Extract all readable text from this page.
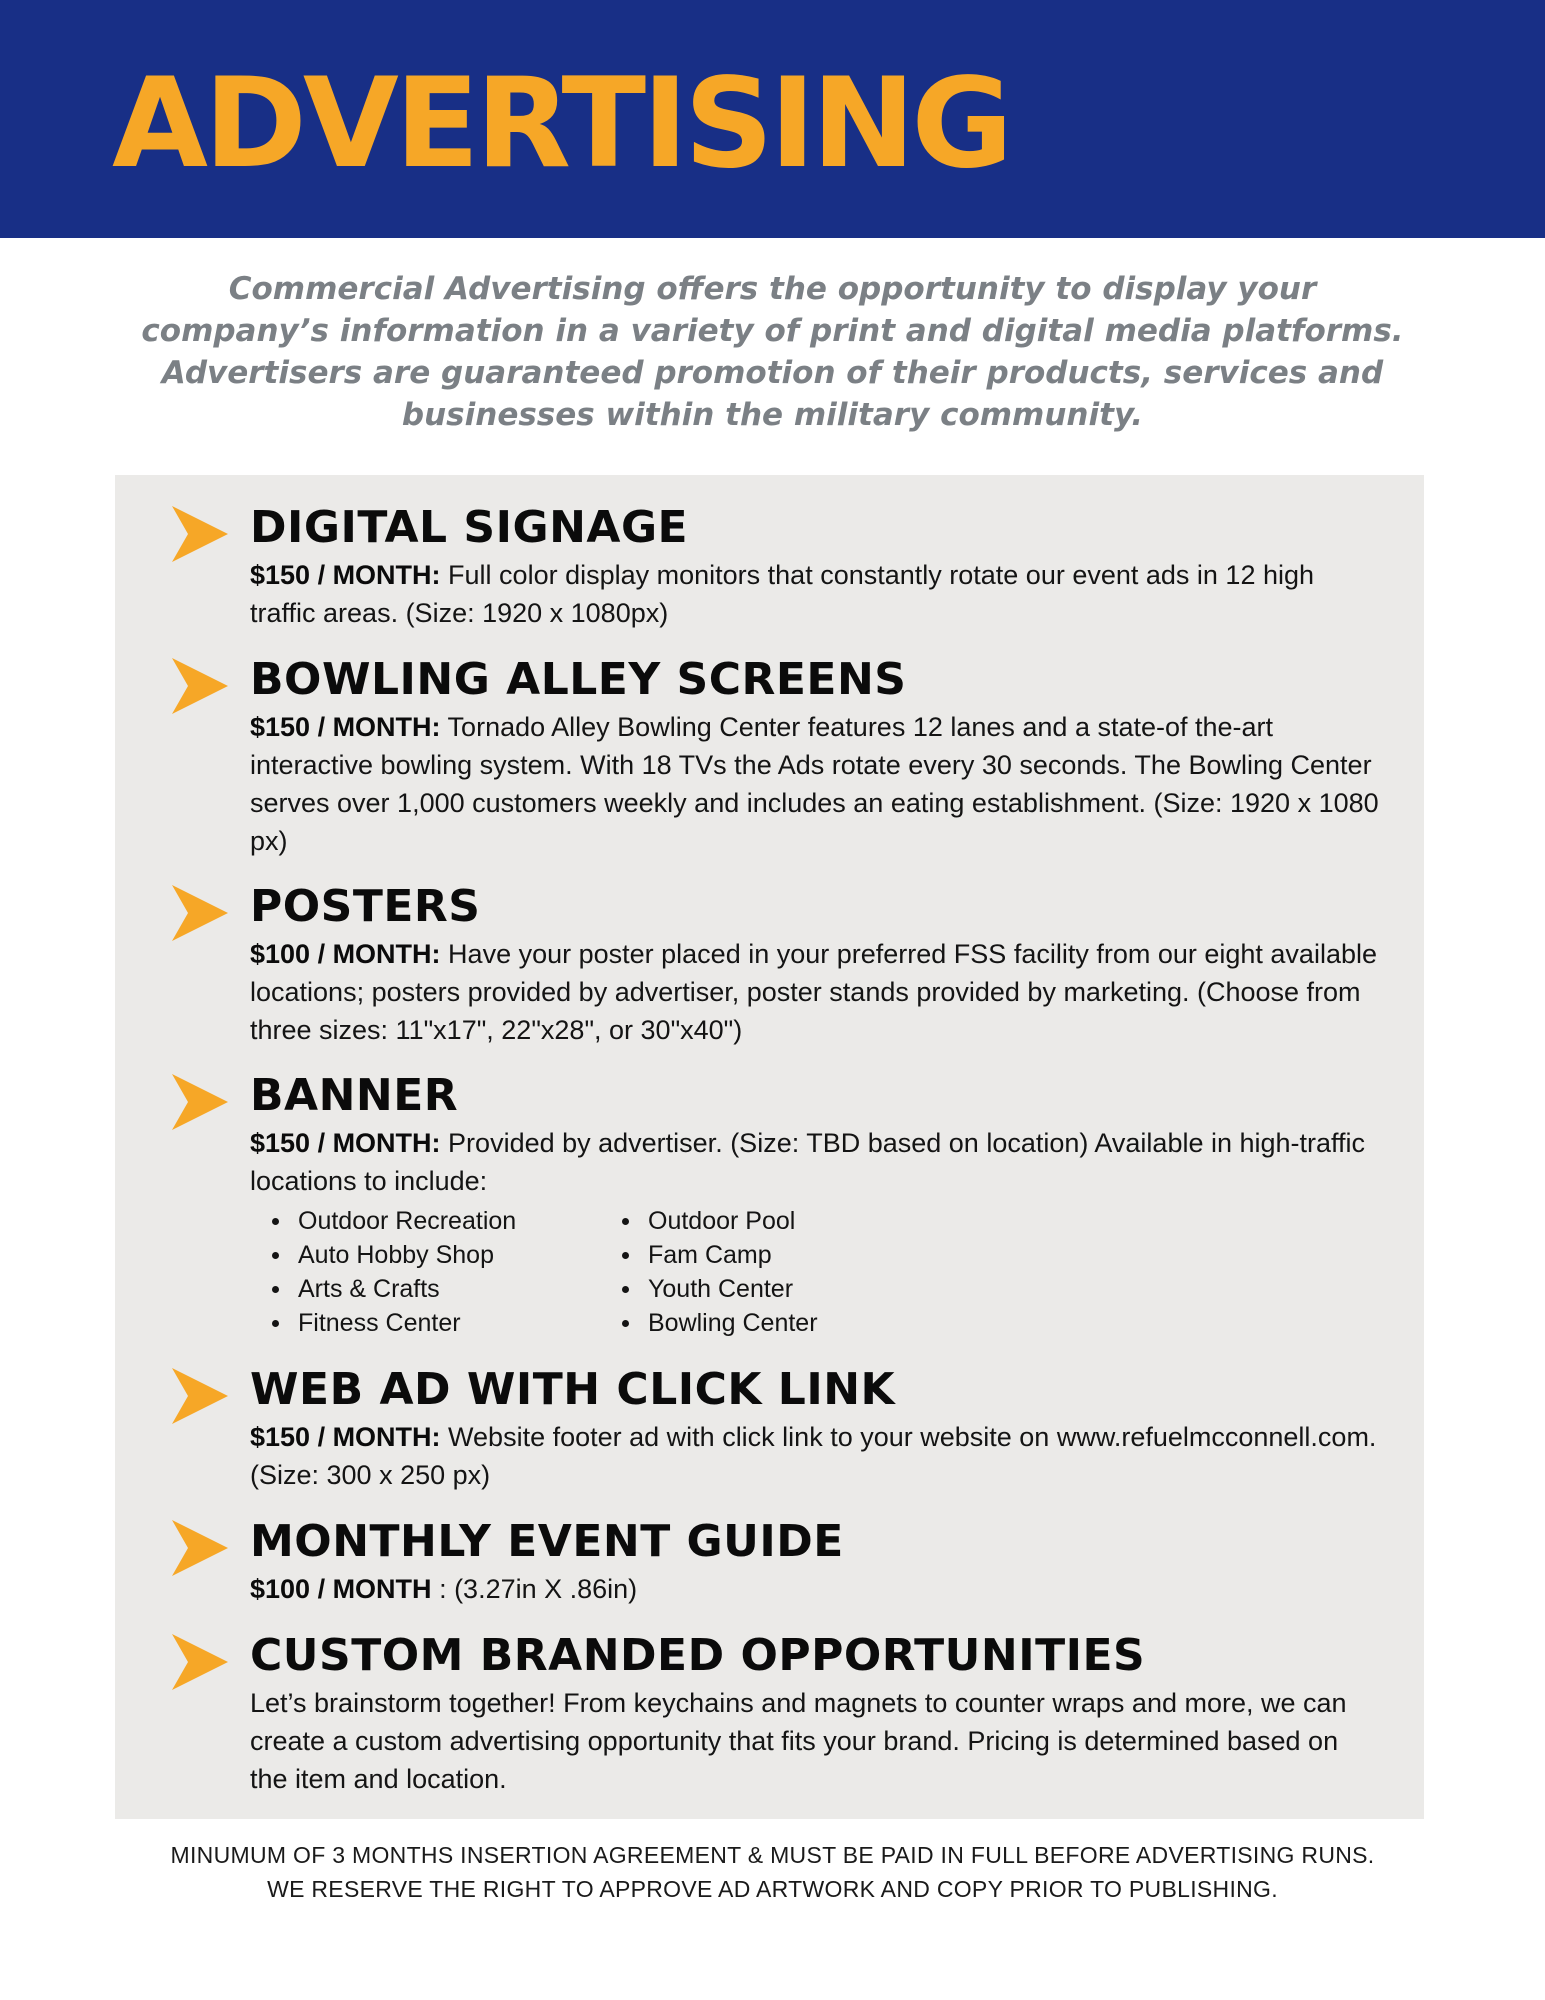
ADVERTISING

Commercial Advertising offers the opportunity to display your
company’s information in a variety of print and digital media platforms.
Advertisers are guaranteed promotion of their products, services and
businesses within the military community.

DIGITAL SIGNAGE

$150 / MONTH: Full color display monitors that constantly rotate our event ads in 12 high traffic areas. (Size: 1920 x 1080px)

BOWLING ALLEY SCREENS

$150 / MONTH: Tornado Alley Bowling Center features 12 lanes and a state-of the-art interactive bowling system. With 18 TVs the Ads rotate every 30 seconds. The Bowling Center serves over 1,000 customers weekly and includes an eating establishment. (Size: 1920 x 1080 px)

POSTERS

$100 / MONTH: Have your poster placed in your preferred FSS facility from our eight available locations; posters provided by advertiser, poster stands provided by marketing. (Choose from three sizes: 11"x17", 22"x28", or 30"x40")

BANNER

$150 / MONTH: Provided by advertiser. (Size: TBD based on location) Available in high-traffic locations to include:

Outdoor Recreation
Auto Hobby Shop
Arts & Crafts
Fitness Center
Outdoor Pool
Fam Camp
Youth Center
Bowling Center
WEB AD WITH CLICK LINK

$150 / MONTH: Website footer ad with click link to your website on www.refuelmcconnell.com. (Size: 300 x 250 px)

MONTHLY EVENT GUIDE

$100 / MONTH : (3.27in X .86in)

CUSTOM BRANDED OPPORTUNITIES

Let’s brainstorm together! From keychains and magnets to counter wraps and more, we can create a custom advertising opportunity that fits your brand. Pricing is determined based on the item and location.

MINUMUM OF 3 MONTHS INSERTION AGREEMENT & MUST BE PAID IN FULL BEFORE ADVERTISING RUNS.
WE RESERVE THE RIGHT TO APPROVE AD ARTWORK AND COPY PRIOR TO PUBLISHING.
